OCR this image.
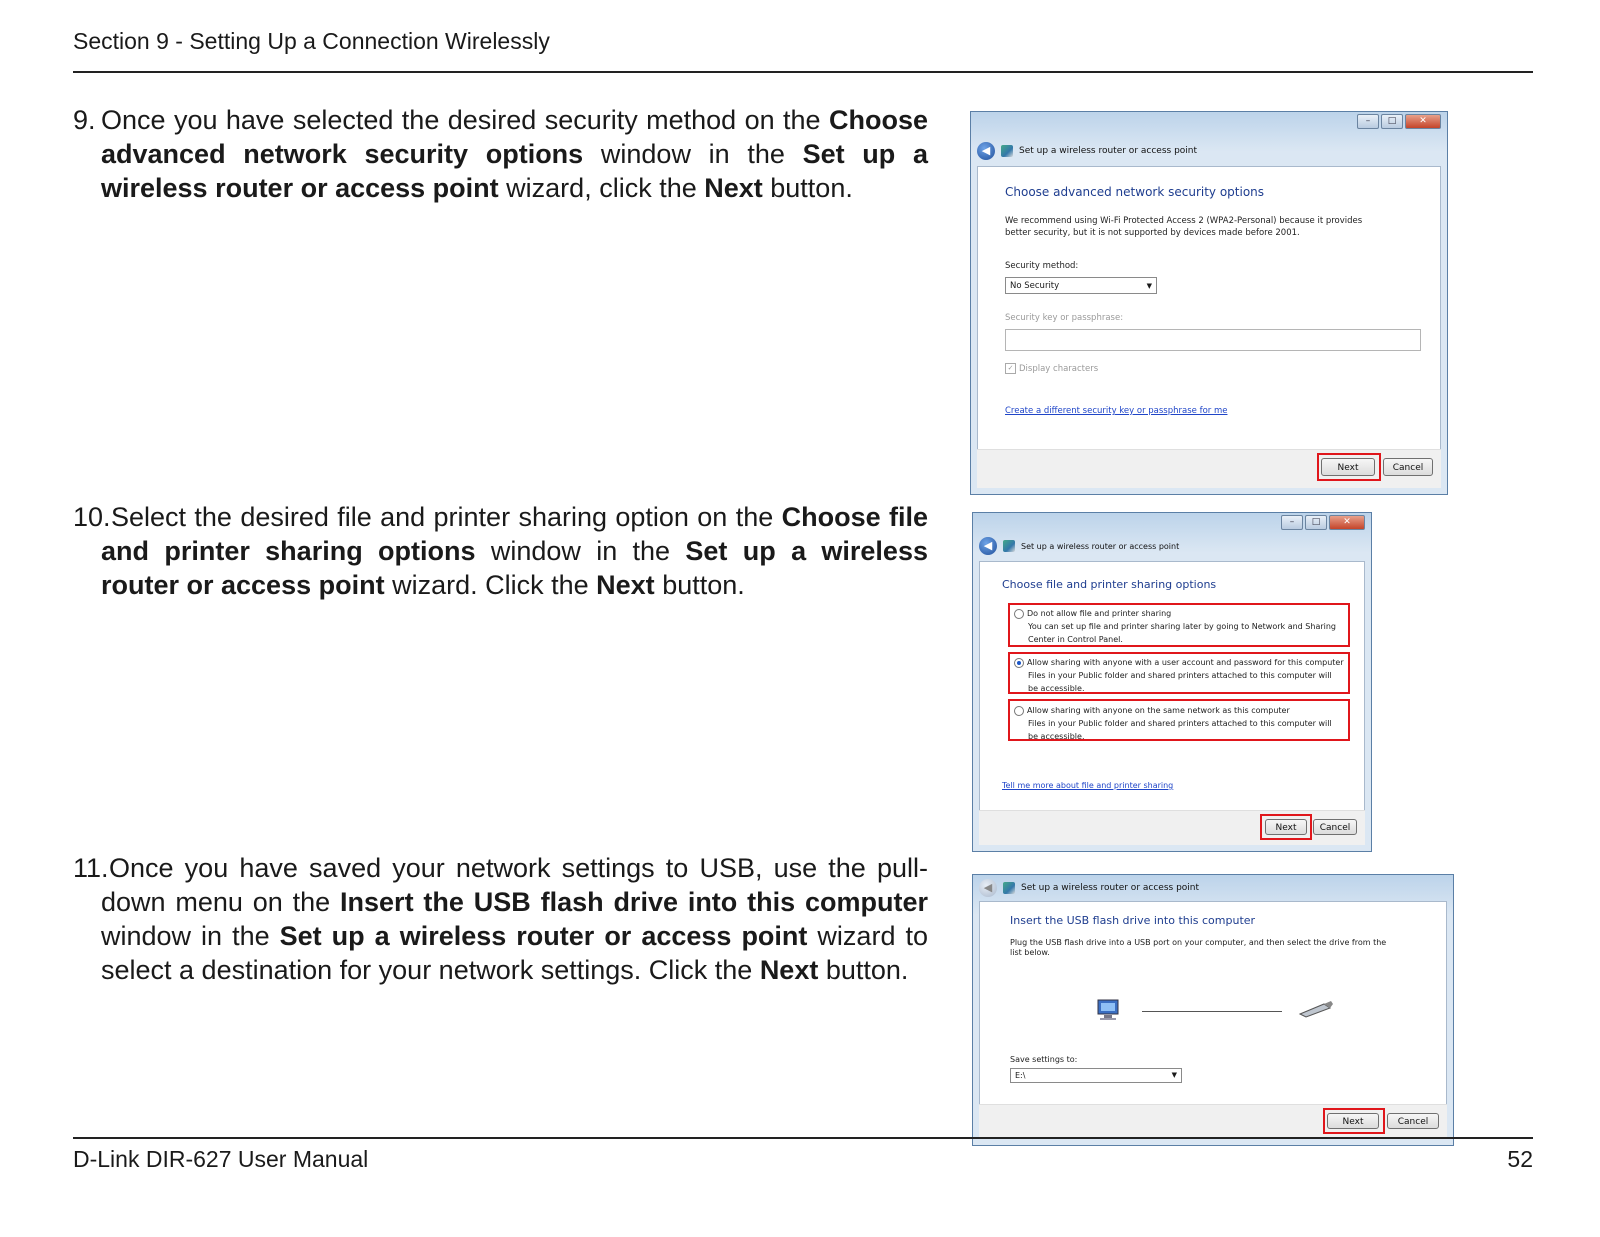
Section 9 - Setting Up a Connection Wirelessly
9. Once you have selected the desired security method on the Choose advanced network security options window in the Set up a wireless router or access point wizard, click the Next button.

10. Select the desired file and printer sharing option on the Choose file and printer sharing options window in the Set up a wireless router or access point wizard. Click the Next button.

11. Once you have saved your network settings to USB, use the pull-down menu on the Insert the USB flash drive into this computer window in the Set up a wireless router or access point wizard to select a destination for your network settings. Click the Next button.

–	□	✕
◀	Set up a wireless router or access point
Choose advanced network security options
We recommend using Wi-Fi Protected Access 2 (WPA2-Personal) because it provides better security, but it is not supported by devices made before 2001.
Security method:
No Security	▼
Security key or passphrase:
✓ Display characters
Create a different security key or passphrase for me
Next	Cancel
–	□	✕
◀	Set up a wireless router or access point
Choose file and printer sharing options
Do not allow file and printer sharing
You can set up file and printer sharing later by going to Network and Sharing Center in Control Panel.
Allow sharing with anyone with a user account and password for this computer
Files in your Public folder and shared printers attached to this computer will be accessible.
Allow sharing with anyone on the same network as this computer
Files in your Public folder and shared printers attached to this computer will be accessible.
Tell me more about file and printer sharing
Next	Cancel
◀	Set up a wireless router or access point
Insert the USB flash drive into this computer
Plug the USB flash drive into a USB port on your computer, and then select the drive from the list below.
Save settings to:
E:\	▼
Next	Cancel
D-Link DIR-627 User Manual	52
